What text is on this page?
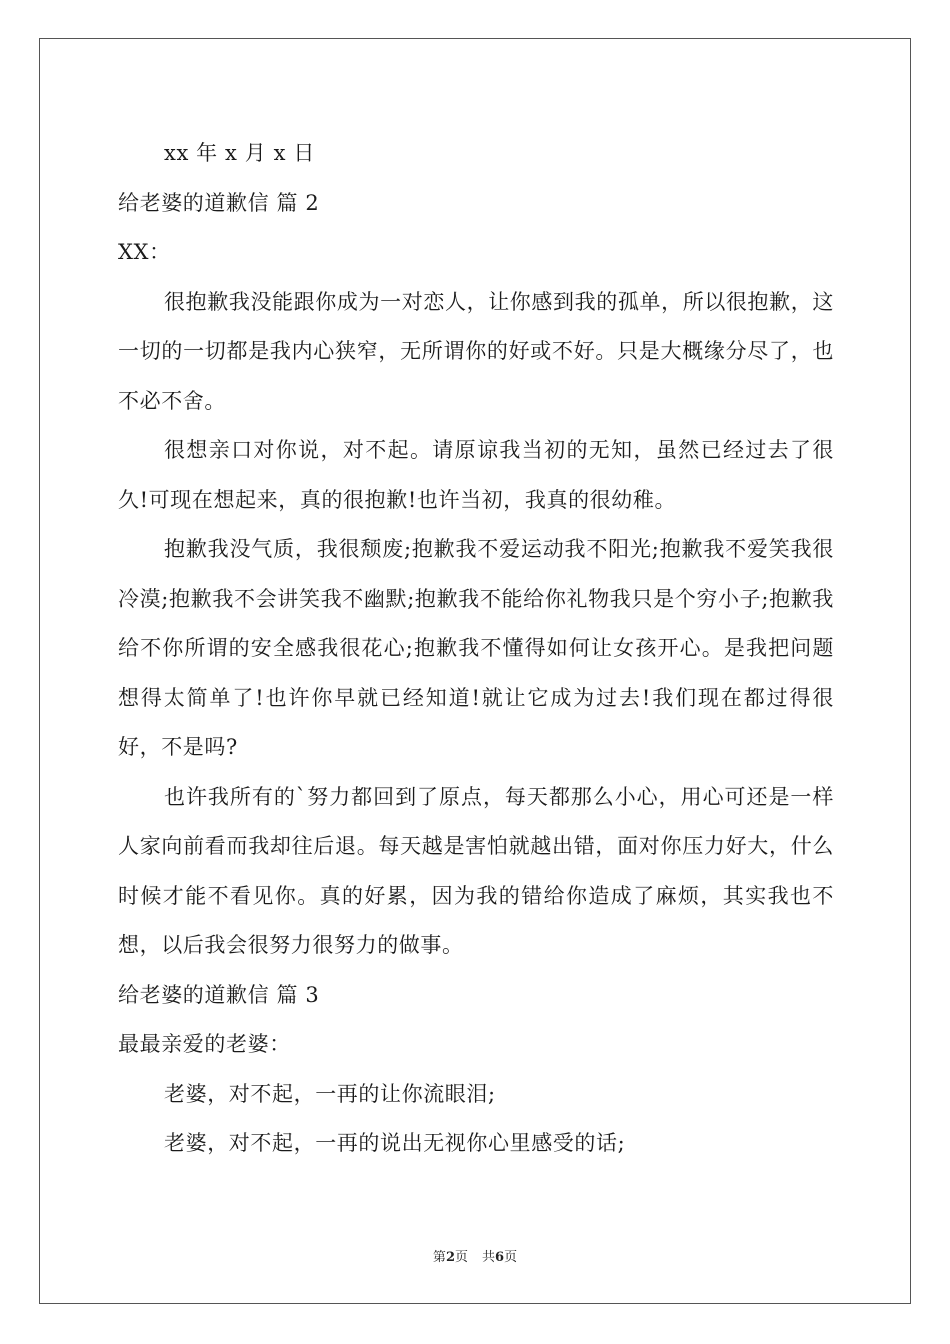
xx 年 x 月 x 日
给老婆的道歉信 篇 2
XX：
很抱歉我没能跟你成为一对恋人，让你感到我的孤单，所以很抱歉，这一切的一切都是我内心狭窄，无所谓你的好或不好。只是大概缘分尽了，也不必不舍。
很想亲口对你说，对不起。请原谅我当初的无知，虽然已经过去了很久!可现在想起来，真的很抱歉!也许当初，我真的很幼稚。
抱歉我没气质，我很颓废;抱歉我不爱运动我不阳光;抱歉我不爱笑我很冷漠;抱歉我不会讲笑我不幽默;抱歉我不能给你礼物我只是个穷小子;抱歉我给不你所谓的安全感我很花心;抱歉我不懂得如何让女孩开心。是我把问题想得太简单了!也许你早就已经知道!就让它成为过去!我们现在都过得很好，不是吗?
也许我所有的`努力都回到了原点，每天都那么小心，用心可还是一样人家向前看而我却往后退。每天越是害怕就越出错，面对你压力好大，什么时候才能不看见你。真的好累，因为我的错给你造成了麻烦，其实我也不想，以后我会很努力很努力的做事。
给老婆的道歉信 篇 3
最最亲爱的老婆：
老婆，对不起，一再的让你流眼泪;
老婆，对不起，一再的说出无视你心里感受的话;
第2页 共6页
